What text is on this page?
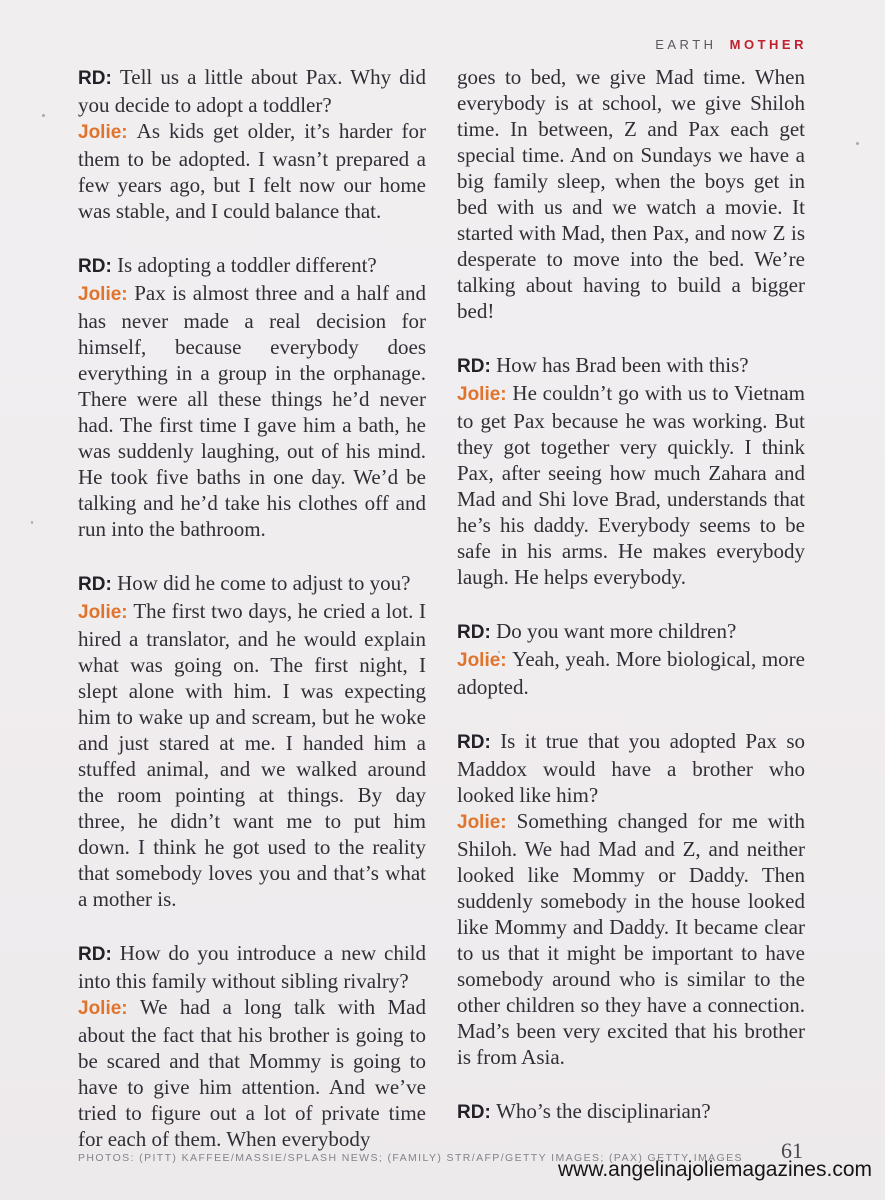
EARTH MOTHER

RD: Tell us a little about Pax. Why did you decide to adopt a toddler?

Jolie: As kids get older, it’s harder for them to be adopted. I wasn’t prepared a few years ago, but I felt now our home was stable, and I could balance that.

RD: Is adopting a toddler different?

Jolie: Pax is almost three and a half and has never made a real decision for himself, because everybody does everything in a group in the orphanage. There were all these things he’d never had. The first time I gave him a bath, he was suddenly laughing, out of his mind. He took five baths in one day. We’d be talking and he’d take his clothes off and run into the bathroom.

RD: How did he come to adjust to you?

Jolie: The first two days, he cried a lot. I hired a translator, and he would explain what was going on. The first night, I slept alone with him. I was expecting him to wake up and scream, but he woke and just stared at me. I handed him a stuffed animal, and we walked around the room pointing at things. By day three, he didn’t want me to put him down. I think he got used to the reality that somebody loves you and that’s what a mother is.

RD: How do you introduce a new child into this family without sibling rivalry?

Jolie: We had a long talk with Mad about the fact that his brother is going to be scared and that Mommy is going to have to give him attention. And we’ve tried to figure out a lot of private time for each of them. When everybody

goes to bed, we give Mad time. When everybody is at school, we give Shiloh time. In between, Z and Pax each get special time. And on Sundays we have a big family sleep, when the boys get in bed with us and we watch a movie. It started with Mad, then Pax, and now Z is desperate to move into the bed. We’re talking about having to build a bigger bed!

RD: How has Brad been with this?

Jolie: He couldn’t go with us to Vietnam to get Pax because he was working. But they got together very quickly. I think Pax, after seeing how much Zahara and Mad and Shi love Brad, understands that he’s his daddy. Everybody seems to be safe in his arms. He makes everybody laugh. He helps everybody.

RD: Do you want more children?

Jolie: Yeah, yeah. More biological, more adopted.

RD: Is it true that you adopted Pax so Maddox would have a brother who looked like him?

Jolie: Something changed for me with Shiloh. We had Mad and Z, and neither looked like Mommy or Daddy. Then suddenly somebody in the house looked like Mommy and Daddy. It became clear to us that it might be important to have somebody around who is similar to the other children so they have a connection. Mad’s been very excited that his brother is from Asia.

RD: Who’s the disciplinarian?

PHOTOS: (PITT) KAFFEE/MASSIE/SPLASH NEWS; (FAMILY) STR/AFP/GETTY IMAGES; (PAX) GETTY IMAGES 61
www.angelinajoliemagazines.com
